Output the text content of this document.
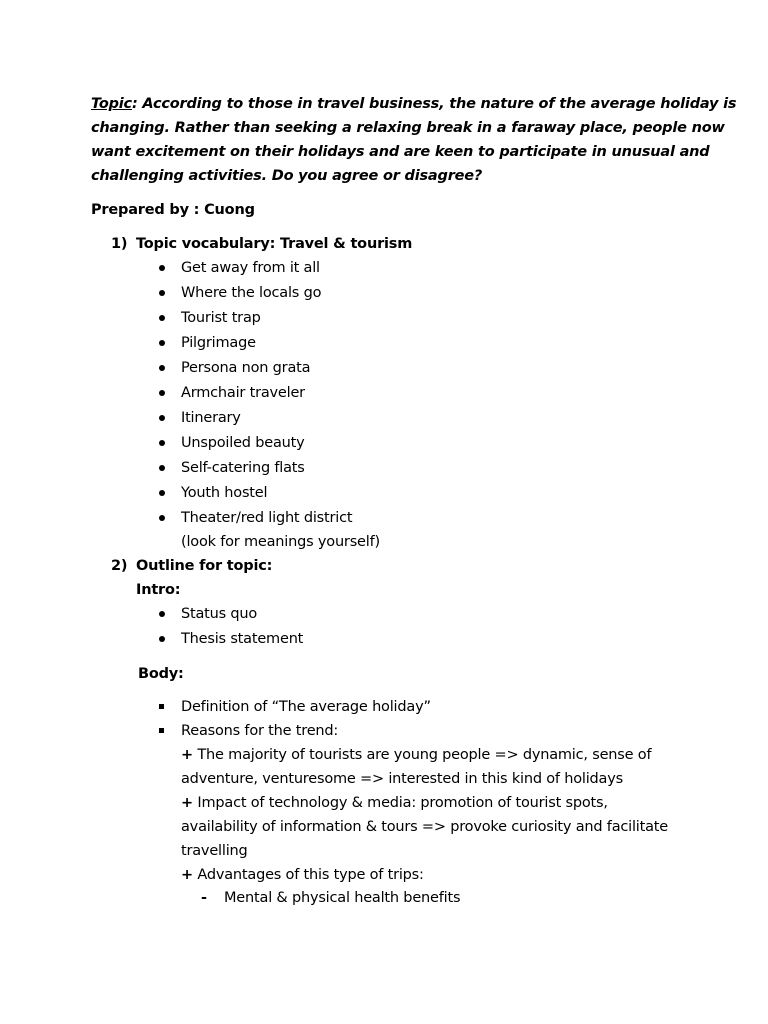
Topic: According to those in travel business, the nature of the average holiday is
changing. Rather than seeking a relaxing break in a faraway place, people now
want excitement on their holidays and are keen to participate in unusual and
challenging activities. Do you agree or disagree?
Prepared by : Cuong
1) Topic vocabulary: Travel & tourism
Get away from it all
Where the locals go
Tourist trap
Pilgrimage
Persona non grata
Armchair traveler
Itinerary
Unspoiled beauty
Self-catering flats
Youth hostel
Theater/red light district
(look for meanings yourself)
2) Outline for topic:
Intro:
Status quo
Thesis statement
Body:
Definition of “The average holiday”
Reasons for the trend:
+ The majority of tourists are young people => dynamic, sense of
adventure, venturesome => interested in this kind of holidays
+ Impact of technology & media: promotion of tourist spots,
availability of information & tours => provoke curiosity and facilitate
travelling
+ Advantages of this type of trips:
- Mental & physical health benefits
